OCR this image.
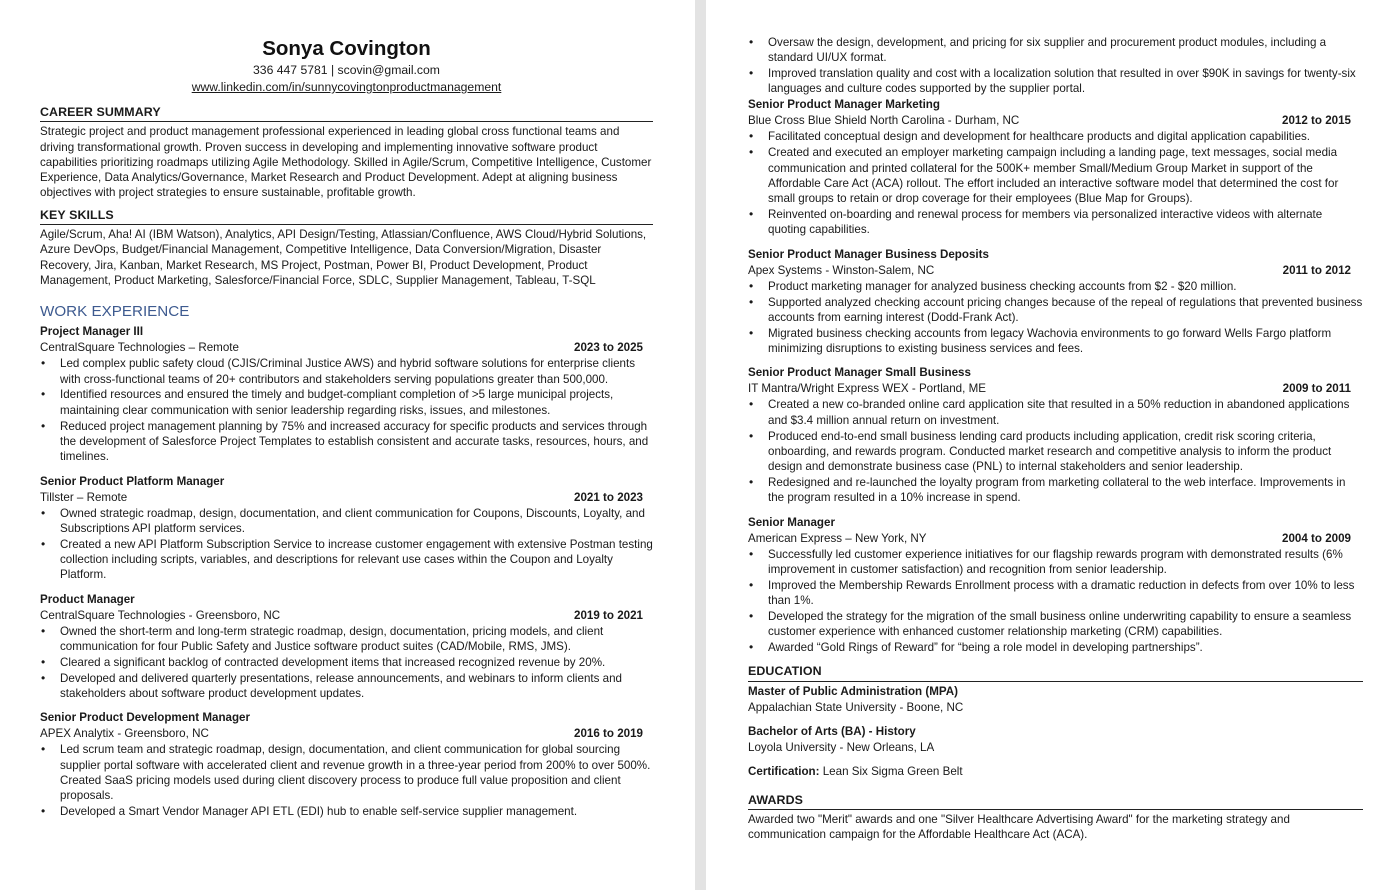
Sonya Covington
336 447 5781 | scovin@gmail.com
www.linkedin.com/in/sunnycovingtonproductmanagement
CAREER SUMMARY

Strategic project and product management professional experienced in leading global cross functional teams and driving transformational growth. Proven success in developing and implementing innovative software product capabilities prioritizing roadmaps utilizing Agile Methodology. Skilled in Agile/Scrum, Competitive Intelligence, Customer Experience, Data Analytics/Governance, Market Research and Product Development. Adept at aligning business objectives with project strategies to ensure sustainable, profitable growth.

KEY SKILLS

Agile/Scrum, Aha! AI (IBM Watson), Analytics, API Design/Testing, Atlassian/Confluence, AWS Cloud/Hybrid Solutions, Azure DevOps, Budget/Financial Management, Competitive Intelligence, Data Conversion/Migration, Disaster Recovery, Jira, Kanban, Market Research, MS Project, Postman, Power BI, Product Development, Product Management, Product Marketing, Salesforce/Financial Force, SDLC, Supplier Management, Tableau, T-SQL

WORK EXPERIENCE
Project Manager III
CentralSquare Technologies – Remote	2023 to 2025
• Led complex public safety cloud (CJIS/Criminal Justice AWS) and hybrid software solutions for enterprise clients with cross-functional teams of 20+ contributors and stakeholders serving populations greater than 500,000.
• Identified resources and ensured the timely and budget-compliant completion of >5 large municipal projects, maintaining clear communication with senior leadership regarding risks, issues, and milestones.
• Reduced project management planning by 75% and increased accuracy for specific products and services through the development of Salesforce Project Templates to establish consistent and accurate tasks, resources, hours, and timelines.
Senior Product Platform Manager
Tillster – Remote	2021 to 2023
• Owned strategic roadmap, design, documentation, and client communication for Coupons, Discounts, Loyalty, and Subscriptions API platform services.
• Created a new API Platform Subscription Service to increase customer engagement with extensive Postman testing collection including scripts, variables, and descriptions for relevant use cases within the Coupon and Loyalty Platform.
Product Manager
CentralSquare Technologies - Greensboro, NC	2019 to 2021
• Owned the short-term and long-term strategic roadmap, design, documentation, pricing models, and client communication for four Public Safety and Justice software product suites (CAD/Mobile, RMS, JMS).
• Cleared a significant backlog of contracted development items that increased recognized revenue by 20%.
• Developed and delivered quarterly presentations, release announcements, and webinars to inform clients and stakeholders about software product development updates.
Senior Product Development Manager
APEX Analytix - Greensboro, NC	2016 to 2019
• Led scrum team and strategic roadmap, design, documentation, and client communication for global sourcing supplier portal software with accelerated client and revenue growth in a three-year period from 200% to over 500%. Created SaaS pricing models used during client discovery process to produce full value proposition and client proposals.
• Developed a Smart Vendor Manager API ETL (EDI) hub to enable self-service supplier management.
• Oversaw the design, development, and pricing for six supplier and procurement product modules, including a standard UI/UX format.
• Improved translation quality and cost with a localization solution that resulted in over $90K in savings for twenty-six languages and culture codes supported by the supplier portal.
Senior Product Manager Marketing
Blue Cross Blue Shield North Carolina - Durham, NC	2012 to 2015
• Facilitated conceptual design and development for healthcare products and digital application capabilities.
• Created and executed an employer marketing campaign including a landing page, text messages, social media communication and printed collateral for the 500K+ member Small/Medium Group Market in support of the Affordable Care Act (ACA) rollout. The effort included an interactive software model that determined the cost for small groups to retain or drop coverage for their employees (Blue Map for Groups).
• Reinvented on-boarding and renewal process for members via personalized interactive videos with alternate quoting capabilities.
Senior Product Manager Business Deposits
Apex Systems - Winston-Salem, NC	2011 to 2012
• Product marketing manager for analyzed business checking accounts from $2 - $20 million.
• Supported analyzed checking account pricing changes because of the repeal of regulations that prevented business accounts from earning interest (Dodd-Frank Act).
• Migrated business checking accounts from legacy Wachovia environments to go forward Wells Fargo platform minimizing disruptions to existing business services and fees.
Senior Product Manager Small Business
IT Mantra/Wright Express WEX - Portland, ME	2009 to 2011
• Created a new co-branded online card application site that resulted in a 50% reduction in abandoned applications and $3.4 million annual return on investment.
• Produced end-to-end small business lending card products including application, credit risk scoring criteria, onboarding, and rewards program. Conducted market research and competitive analysis to inform the product design and demonstrate business case (PNL) to internal stakeholders and senior leadership.
• Redesigned and re-launched the loyalty program from marketing collateral to the web interface. Improvements in the program resulted in a 10% increase in spend.
Senior Manager
American Express – New York, NY	2004 to 2009
• Successfully led customer experience initiatives for our flagship rewards program with demonstrated results (6% improvement in customer satisfaction) and recognition from senior leadership.
• Improved the Membership Rewards Enrollment process with a dramatic reduction in defects from over 10% to less than 1%.
• Developed the strategy for the migration of the small business online underwriting capability to ensure a seamless customer experience with enhanced customer relationship marketing (CRM) capabilities.
• Awarded “Gold Rings of Reward” for “being a role model in developing partnerships”.
EDUCATION
Master of Public Administration (MPA)
Appalachian State University - Boone, NC
Bachelor of Arts (BA) - History
Loyola University - New Orleans, LA
Certification: Lean Six Sigma Green Belt
AWARDS

Awarded two "Merit" awards and one "Silver Healthcare Advertising Award" for the marketing strategy and communication campaign for the Affordable Healthcare Act (ACA).
